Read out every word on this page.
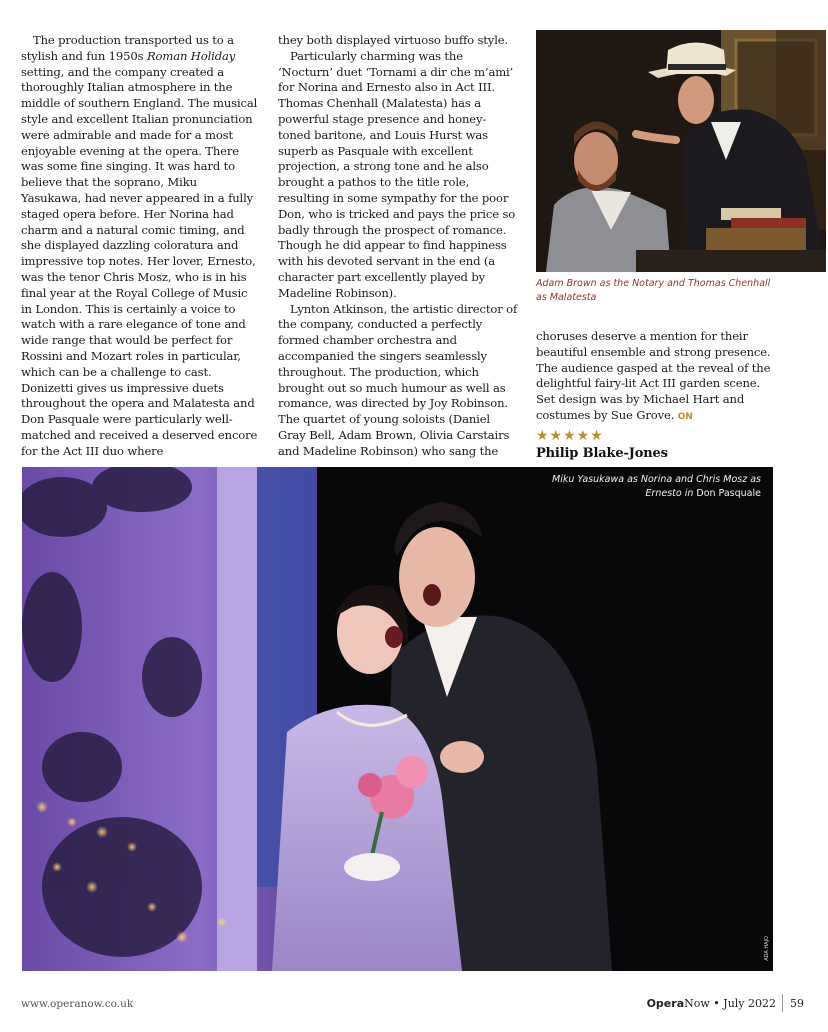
The production transported us to a stylish and fun 1950s Roman Holiday setting, and the company created a thoroughly Italian atmosphere in the middle of southern England. The musical style and excellent Italian pronunciation were admirable and made for a most enjoyable evening at the opera. There was some fine singing. It was hard to believe that the soprano, Miku Yasukawa, had never appeared in a fully staged opera before. Her Norina had charm and a natural comic timing, and she displayed dazzling coloratura and impressive top notes. Her lover, Ernesto, was the tenor Chris Mosz, who is in his final year at the Royal College of Music in London. This is certainly a voice to watch with a rare elegance of tone and wide range that would be perfect for Rossini and Mozart roles in particular, which can be a challenge to cast. Donizetti gives us impressive duets throughout the opera and Malatesta and Don Pasquale were particularly well-matched and received a deserved encore for the Act III duo where

they both displayed virtuoso buffo style.

Particularly charming was the ‘Nocturn’ duet ‘Tornami a dir che m’ami’ for Norina and Ernesto also in Act III. Thomas Chenhall (Malatesta) has a powerful stage presence and honey-toned baritone, and Louis Hurst was superb as Pasquale with excellent projection, a strong tone and he also brought a pathos to the title role, resulting in some sympathy for the poor Don, who is tricked and pays the price so badly through the prospect of romance. Though he did appear to find happiness with his devoted servant in the end (a character part excellently played by Madeline Robinson).

Lynton Atkinson, the artistic director of the company, conducted a perfectly formed chamber orchestra and accompanied the singers seamlessly throughout. The production, which brought out so much humour as well as romance, was directed by Joy Robinson. The quartet of young soloists (Daniel Gray Bell, Adam Brown, Olivia Carstairs and Madeline Robinson) who sang the

Adam Brown as the Notary and Thomas Chenhall as Malatesta

choruses deserve a mention for their beautiful ensemble and strong presence. The audience gasped at the reveal of the delightful fairy-lit Act III garden scene. Set design was by Michael Hart and costumes by Sue Grove. ON

★★★★★
Philip Blake-Jones
Miku Yasukawa as Norina and Chris Mosz as Ernesto in Don Pasquale
ADA HAJO
www.operanow.co.uk	OperaNow • July 2022 59
